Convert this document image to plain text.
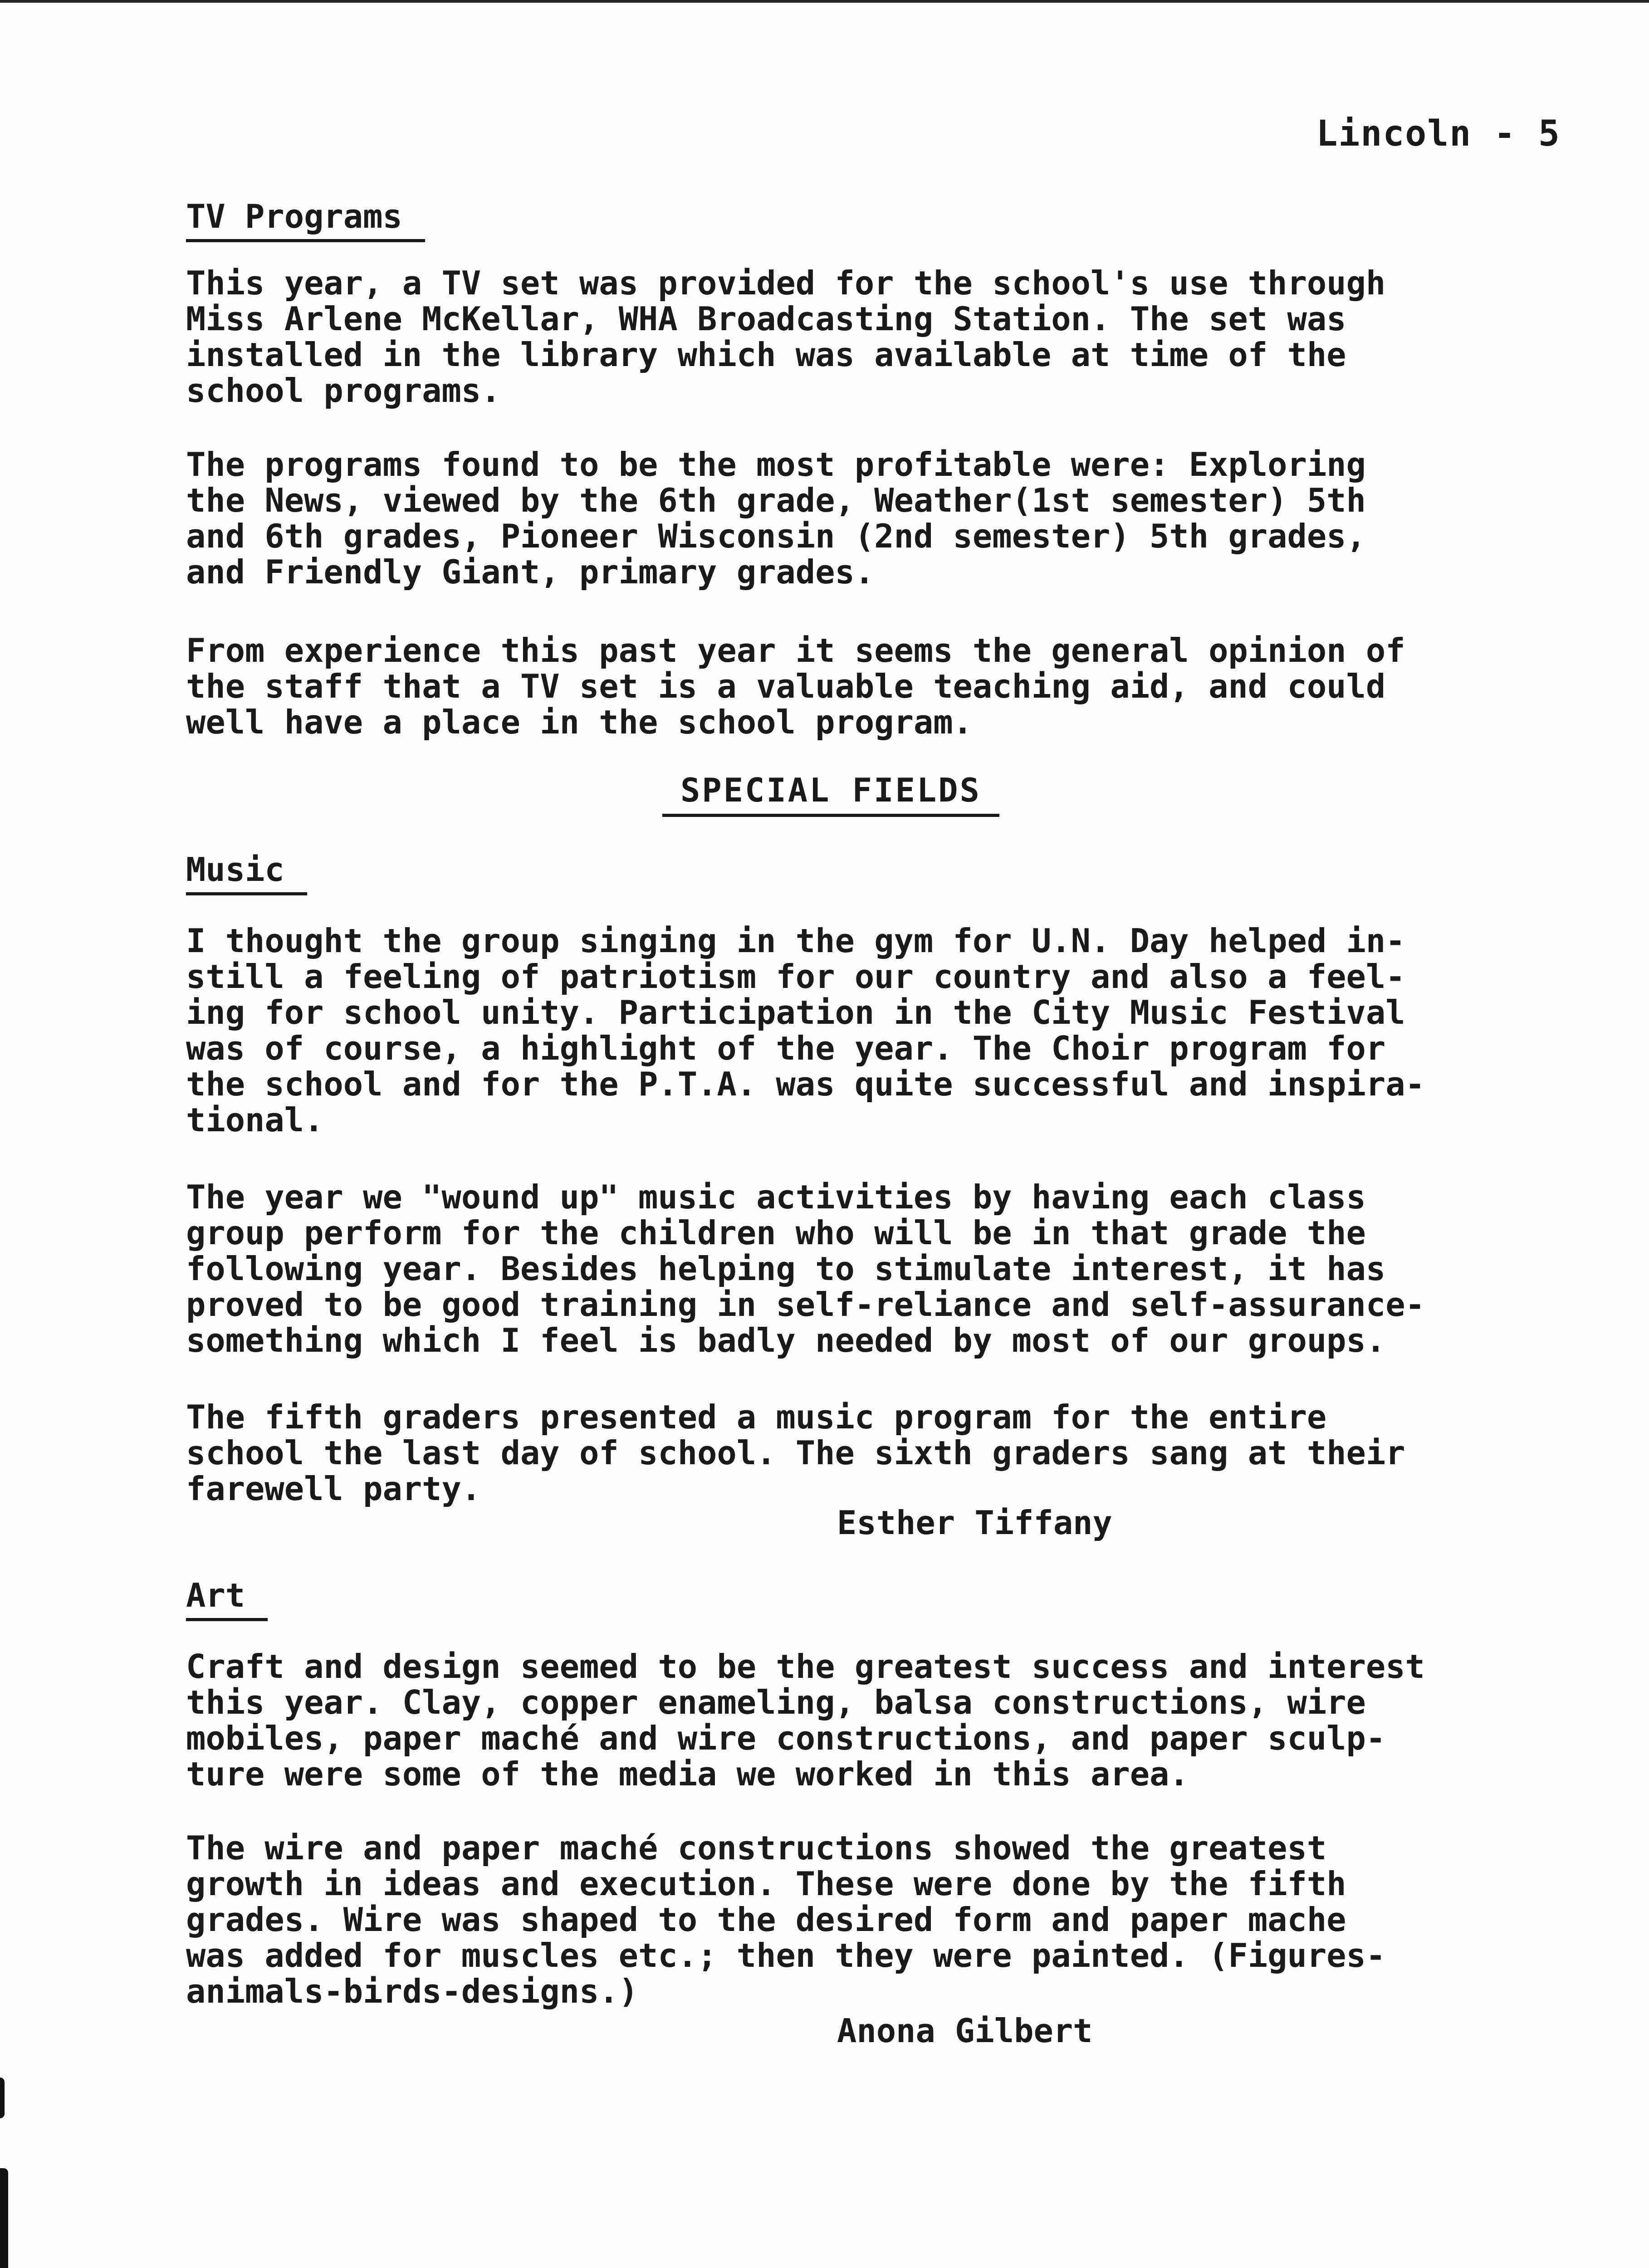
Lincoln - 5
TV Programs

This year, a TV set was provided for the school's use through
Miss Arlene McKellar, WHA Broadcasting Station. The set was
installed in the library which was available at time of the
school programs.

The programs found to be the most profitable were: Exploring
the News, viewed by the 6th grade, Weather(1st semester) 5th
and 6th grades, Pioneer Wisconsin (2nd semester) 5th grades,
and Friendly Giant, primary grades.

From experience this past year it seems the general opinion of
the staff that a TV set is a valuable teaching aid, and could
well have a place in the school program.

SPECIAL FIELDS
Music

I thought the group singing in the gym for U.N. Day helped in-
still a feeling of patriotism for our country and also a feel-
ing for school unity. Participation in the City Music Festival
was of course, a highlight of the year. The Choir program for
the school and for the P.T.A. was quite successful and inspira-
tional.

The year we "wound up" music activities by having each class
group perform for the children who will be in that grade the
following year. Besides helping to stimulate interest, it has
proved to be good training in self-reliance and self-assurance-
something which I feel is badly needed by most of our groups.

The fifth graders presented a music program for the entire
school the last day of school. The sixth graders sang at their
farewell party.

Esther Tiffany
Art

Craft and design seemed to be the greatest success and interest
this year. Clay, copper enameling, balsa constructions, wire
mobiles, paper maché and wire constructions, and paper sculp-
ture were some of the media we worked in this area.

The wire and paper maché constructions showed the greatest
growth in ideas and execution. These were done by the fifth
grades. Wire was shaped to the desired form and paper mache
was added for muscles etc.; then they were painted. (Figures-
animals-birds-designs.)

Anona Gilbert
